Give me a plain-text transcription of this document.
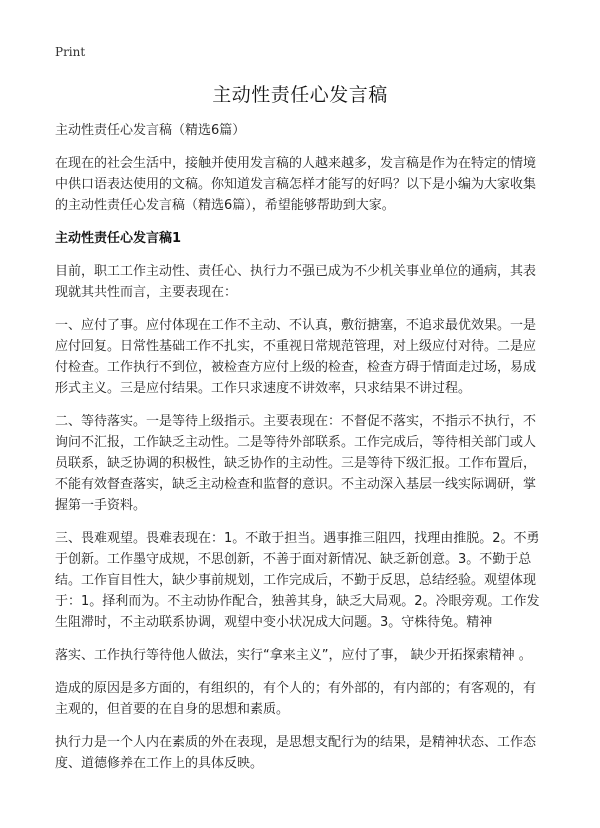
Print
主动性责任心发言稿

主动性责任心发言稿（精选6篇）

在现在的社会生活中，接触并使用发言稿的人越来越多，发言稿是作为在特定的情境中供口语表达使用的文稿。你知道发言稿怎样才能写的好吗？以下是小编为大家收集的主动性责任心发言稿（精选6篇），希望能够帮助到大家。

主动性责任心发言稿1

目前，职工工作主动性、责任心、执行力不强已成为不少机关事业单位的通病，其表现就其共性而言，主要表现在：

一、应付了事。应付体现在工作不主动、不认真，敷衍搪塞，不追求最优效果。一是应付回复。日常性基础工作不扎实，不重视日常规范管理，对上级应付对待。二是应付检查。工作执行不到位，被检查方应付上级的检查，检查方碍于情面走过场，易成形式主义。三是应付结果。工作只求速度不讲效率，只求结果不讲过程。

二、等待落实。一是等待上级指示。主要表现在：不督促不落实，不指示不执行，不询问不汇报，工作缺乏主动性。二是等待外部联系。工作完成后，等待相关部门或人员联系，缺乏协调的积极性，缺乏协作的主动性。三是等待下级汇报。工作布置后，不能有效督查落实，缺乏主动检查和监督的意识。不主动深入基层一线实际调研，掌握第一手资料。

三、畏难观望。畏难表现在：1。不敢于担当。遇事推三阻四，找理由推脱。2。不勇于创新。工作墨守成规，不思创新，不善于面对新情况、缺乏新创意。3。不勤于总结。工作盲目性大，缺少事前规划，工作完成后，不勤于反思，总结经验。观望体现于：1。择利而为。不主动协作配合，独善其身，缺乏大局观。2。冷眼旁观。工作发生阻滞时，不主动联系协调，观望中变小状况成大问题。3。守株待兔。精神

落实、工作执行等待他人做法，实行“拿来主义”，应付了事， 缺少开拓探索精神 。

造成的原因是多方面的，有组织的，有个人的；有外部的，有内部的；有客观的，有主观的，但首要的在自身的思想和素质。

执行力是一个人内在素质的外在表现，是思想支配行为的结果，是精神状态、工作态度、道德修养在工作上的具体反映。
